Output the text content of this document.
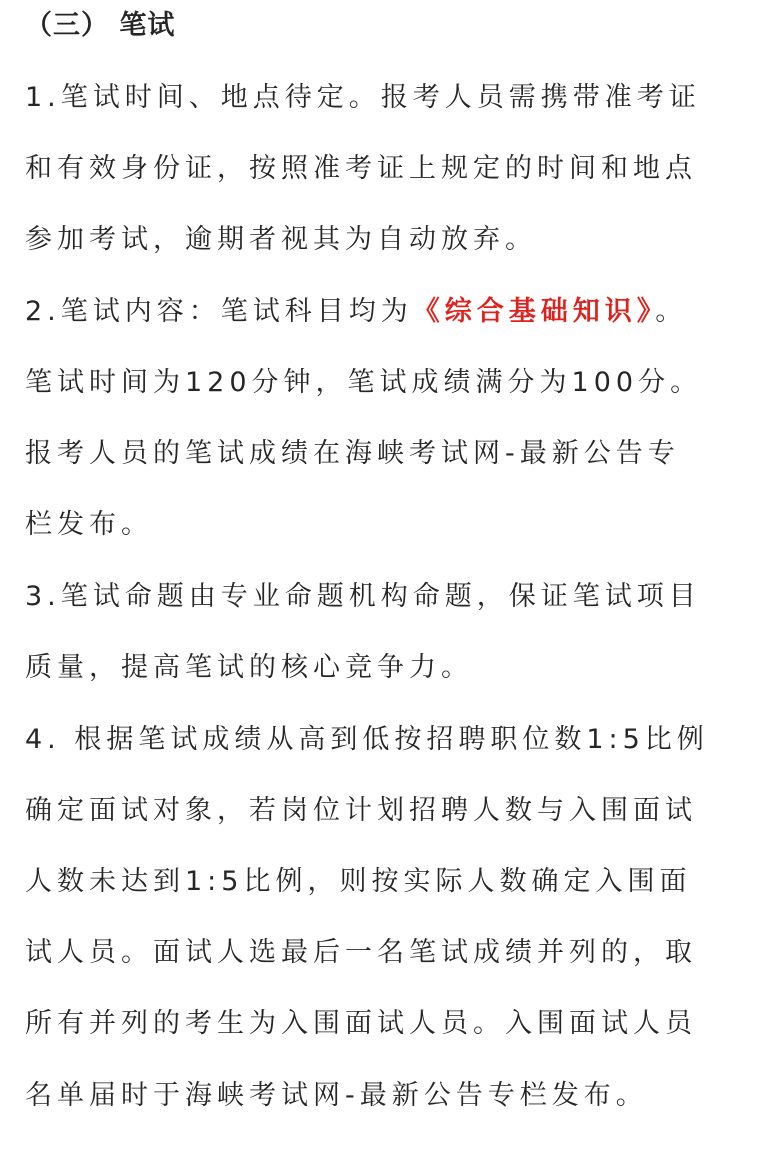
（三） 笔试
1.笔试时间、地点待定。报考人员需携带准考证
和有效身份证，按照准考证上规定的时间和地点
参加考试，逾期者视其为自动放弃。
2.笔试内容：笔试科目均为《综合基础知识》。
笔试时间为120分钟，笔试成绩满分为100分。
报考人员的笔试成绩在海峡考试网-最新公告专
栏发布。
3.笔试命题由专业命题机构命题，保证笔试项目
质量，提高笔试的核心竞争力。
4. 根据笔试成绩从高到低按招聘职位数1:5比例
确定面试对象，若岗位计划招聘人数与入围面试
人数未达到1:5比例，则按实际人数确定入围面
试人员。面试人选最后一名笔试成绩并列的，取
所有并列的考生为入围面试人员。入围面试人员
名单届时于海峡考试网-最新公告专栏发布。
